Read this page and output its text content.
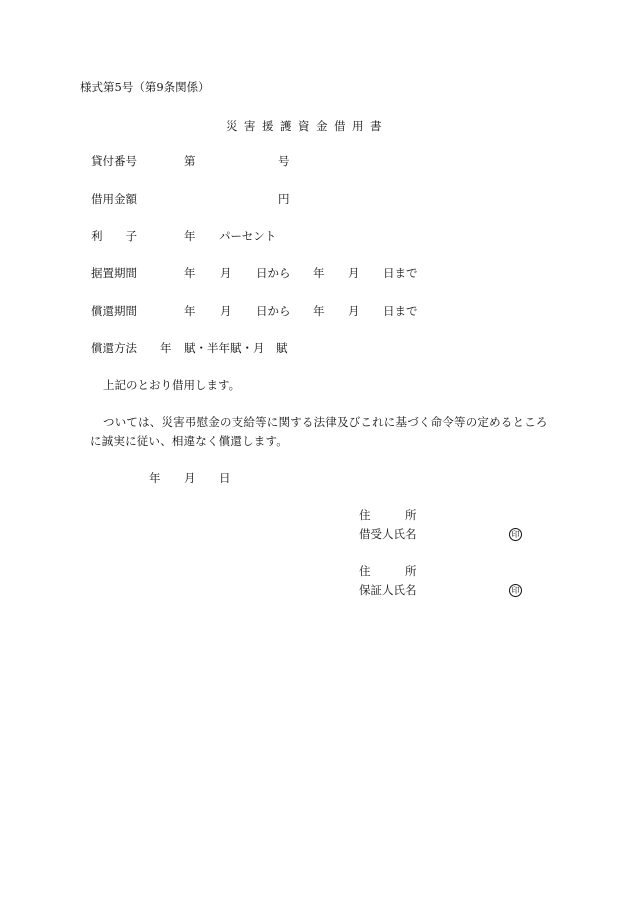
様式第5号（第9条関係）
災害援護資金借用書
貸付番号	第	号
借用金額	円
利　　子	年 パーセント
据置期間	年 月 日から 年 月 日まで
償還期間	年 月 日から 年 月 日まで
償還方法 年 賦・半年賦・月　賦
上記のとおり借用します。
ついては、災害弔慰金の支給等に関する法律及びこれに基づく命令等の定めるところ
に誠実に従い、相違なく償還します。
年 月 日
住　　　所
借受人氏名	印
住　　　所
保証人氏名	印
